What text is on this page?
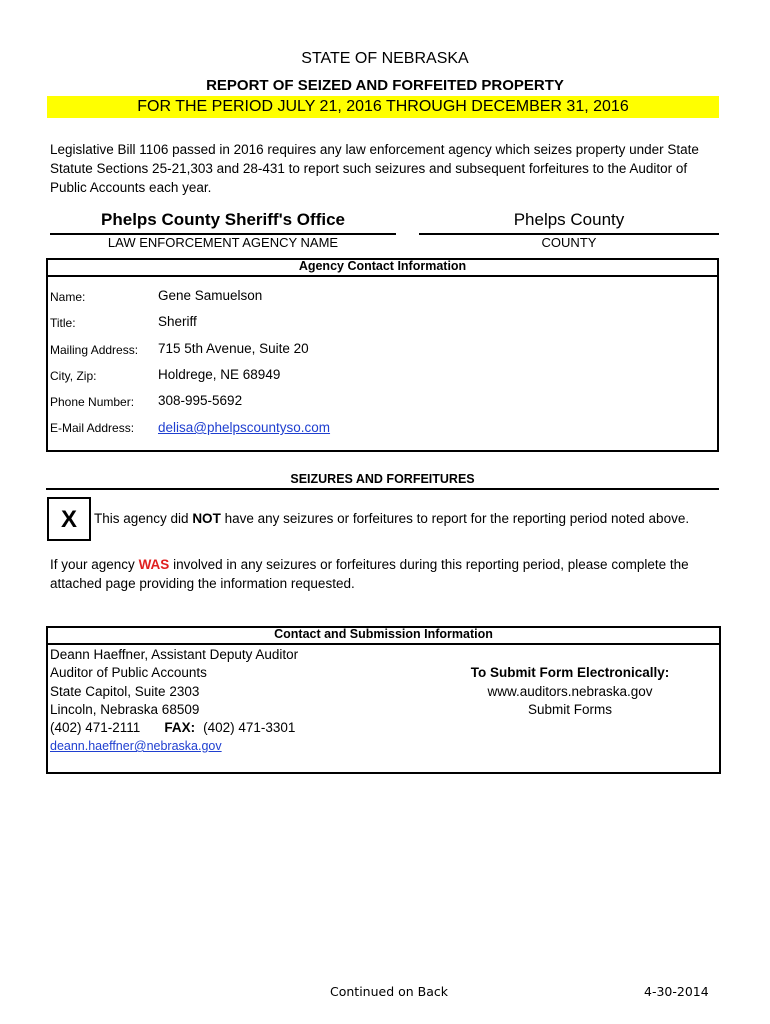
STATE OF NEBRASKA
REPORT OF SEIZED AND FORFEITED PROPERTY
FOR THE PERIOD JULY 21, 2016 THROUGH DECEMBER 31, 2016
Legislative Bill 1106 passed in 2016 requires any law enforcement agency which seizes property under State Statute Sections 25-21,303 and 28-431 to report such seizures and subsequent forfeitures to the Auditor of Public Accounts each year.
Phelps County Sheriff's Office
LAW ENFORCEMENT AGENCY NAME
Phelps County
COUNTY
Agency Contact Information
Name:	Gene Samuelson
Title:	Sheriff
Mailing Address: 715 5th Avenue, Suite 20
City, Zip:	Holdrege, NE 68949
Phone Number: 308-995-5692
E-Mail Address: delisa@phelpscountyso.com
SEIZURES AND FORFEITURES
X	This agency did NOT have any seizures or forfeitures to report for the reporting period noted above.
If your agency WAS involved in any seizures or forfeitures during this reporting period, please complete the attached page providing the information requested.
Contact and Submission Information
Deann Haeffner, Assistant Deputy Auditor
Auditor of Public Accounts
State Capitol, Suite 2303
Lincoln, Nebraska 68509
(402) 471-2111 FAX: (402) 471-3301
deann.haeffner@nebraska.gov
To Submit Form Electronically:
www.auditors.nebraska.gov
Submit Forms
Continued on Back	4-30-2014
